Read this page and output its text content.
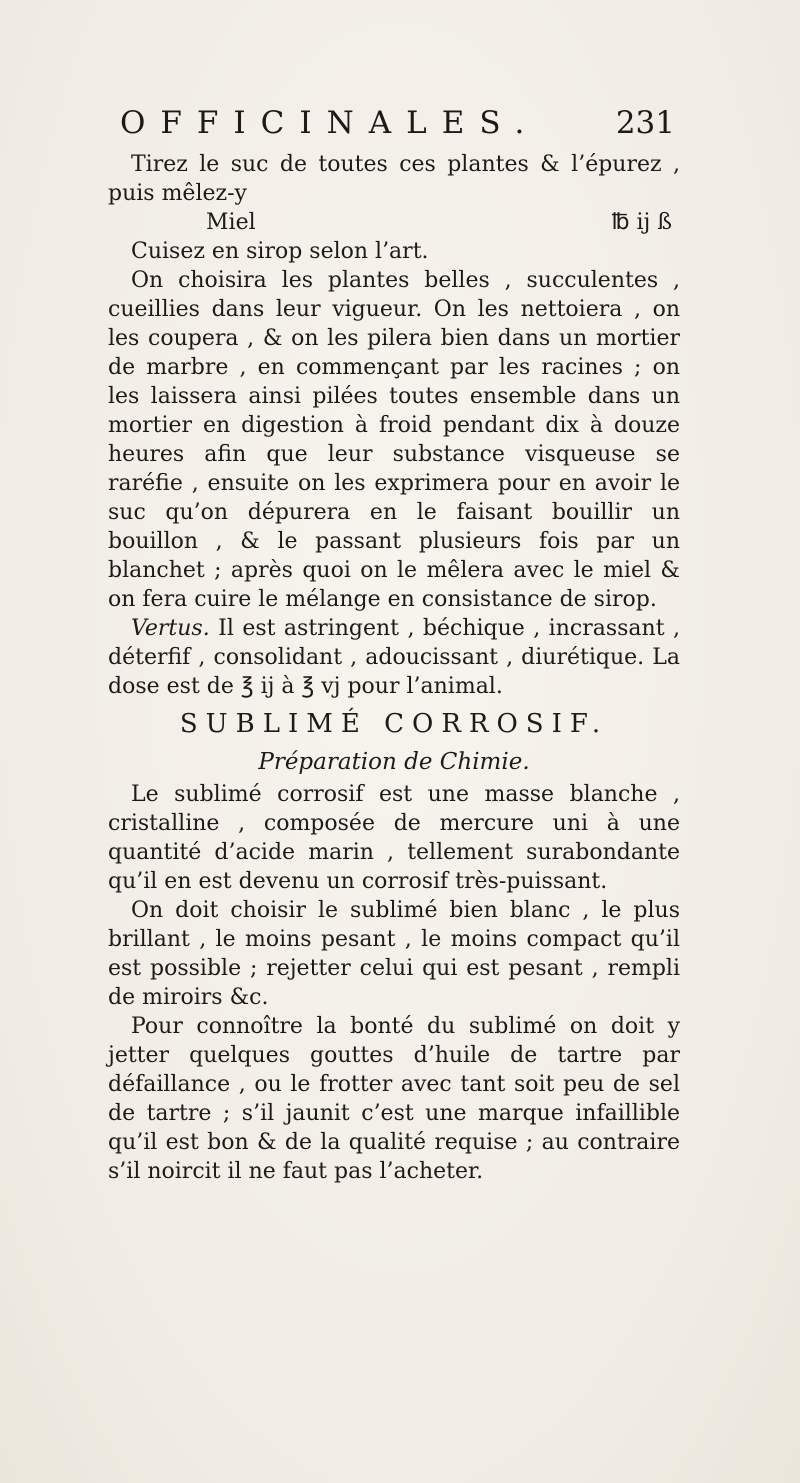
OFFICINALES. 231

Tirez le suc de toutes ces plantes & l’épurez , puis mêlez-y

Miel	℔ ij ß

Cuisez en sirop selon l’art.

On choisira les plantes belles , succulentes , cueillies dans leur vigueur. On les nettoiera , on les coupera , & on les pilera bien dans un mortier de marbre , en commençant par les racines ; on les laissera ainsi pilées toutes ensemble dans un mortier en digestion à froid pendant dix à douze heures afin que leur substance visqueuse se raréfie , ensuite on les exprimera pour en avoir le suc qu’on dépurera en le faisant bouillir un bouillon , & le passant plusieurs fois par un blanchet ; après quoi on le mêlera avec le miel & on fera cuire le mélange en consistance de sirop.

Vertus. Il est astringent , béchique , incrassant , déterfif , consolidant , adoucissant , diurétique. La dose est de ℥ ij à ℥ vj pour l’animal.

SUBLIMÉ CORROSIF.
Préparation de Chimie.

Le sublimé corrosif est une masse blanche , cristalline , composée de mercure uni à une quantité d’acide marin , tellement surabondante qu’il en est devenu un corrosif très-puissant.

On doit choisir le sublimé bien blanc , le plus brillant , le moins pesant , le moins compact qu’il est possible ; rejetter celui qui est pesant , rempli de miroirs &c.

Pour connoître la bonté du sublimé on doit y jetter quelques gouttes d’huile de tartre par défaillance , ou le frotter avec tant soit peu de sel de tartre ; s’il jaunit c’est une marque infaillible qu’il est bon & de la qualité requise ; au contraire s’il noircit il ne faut pas l’acheter.
